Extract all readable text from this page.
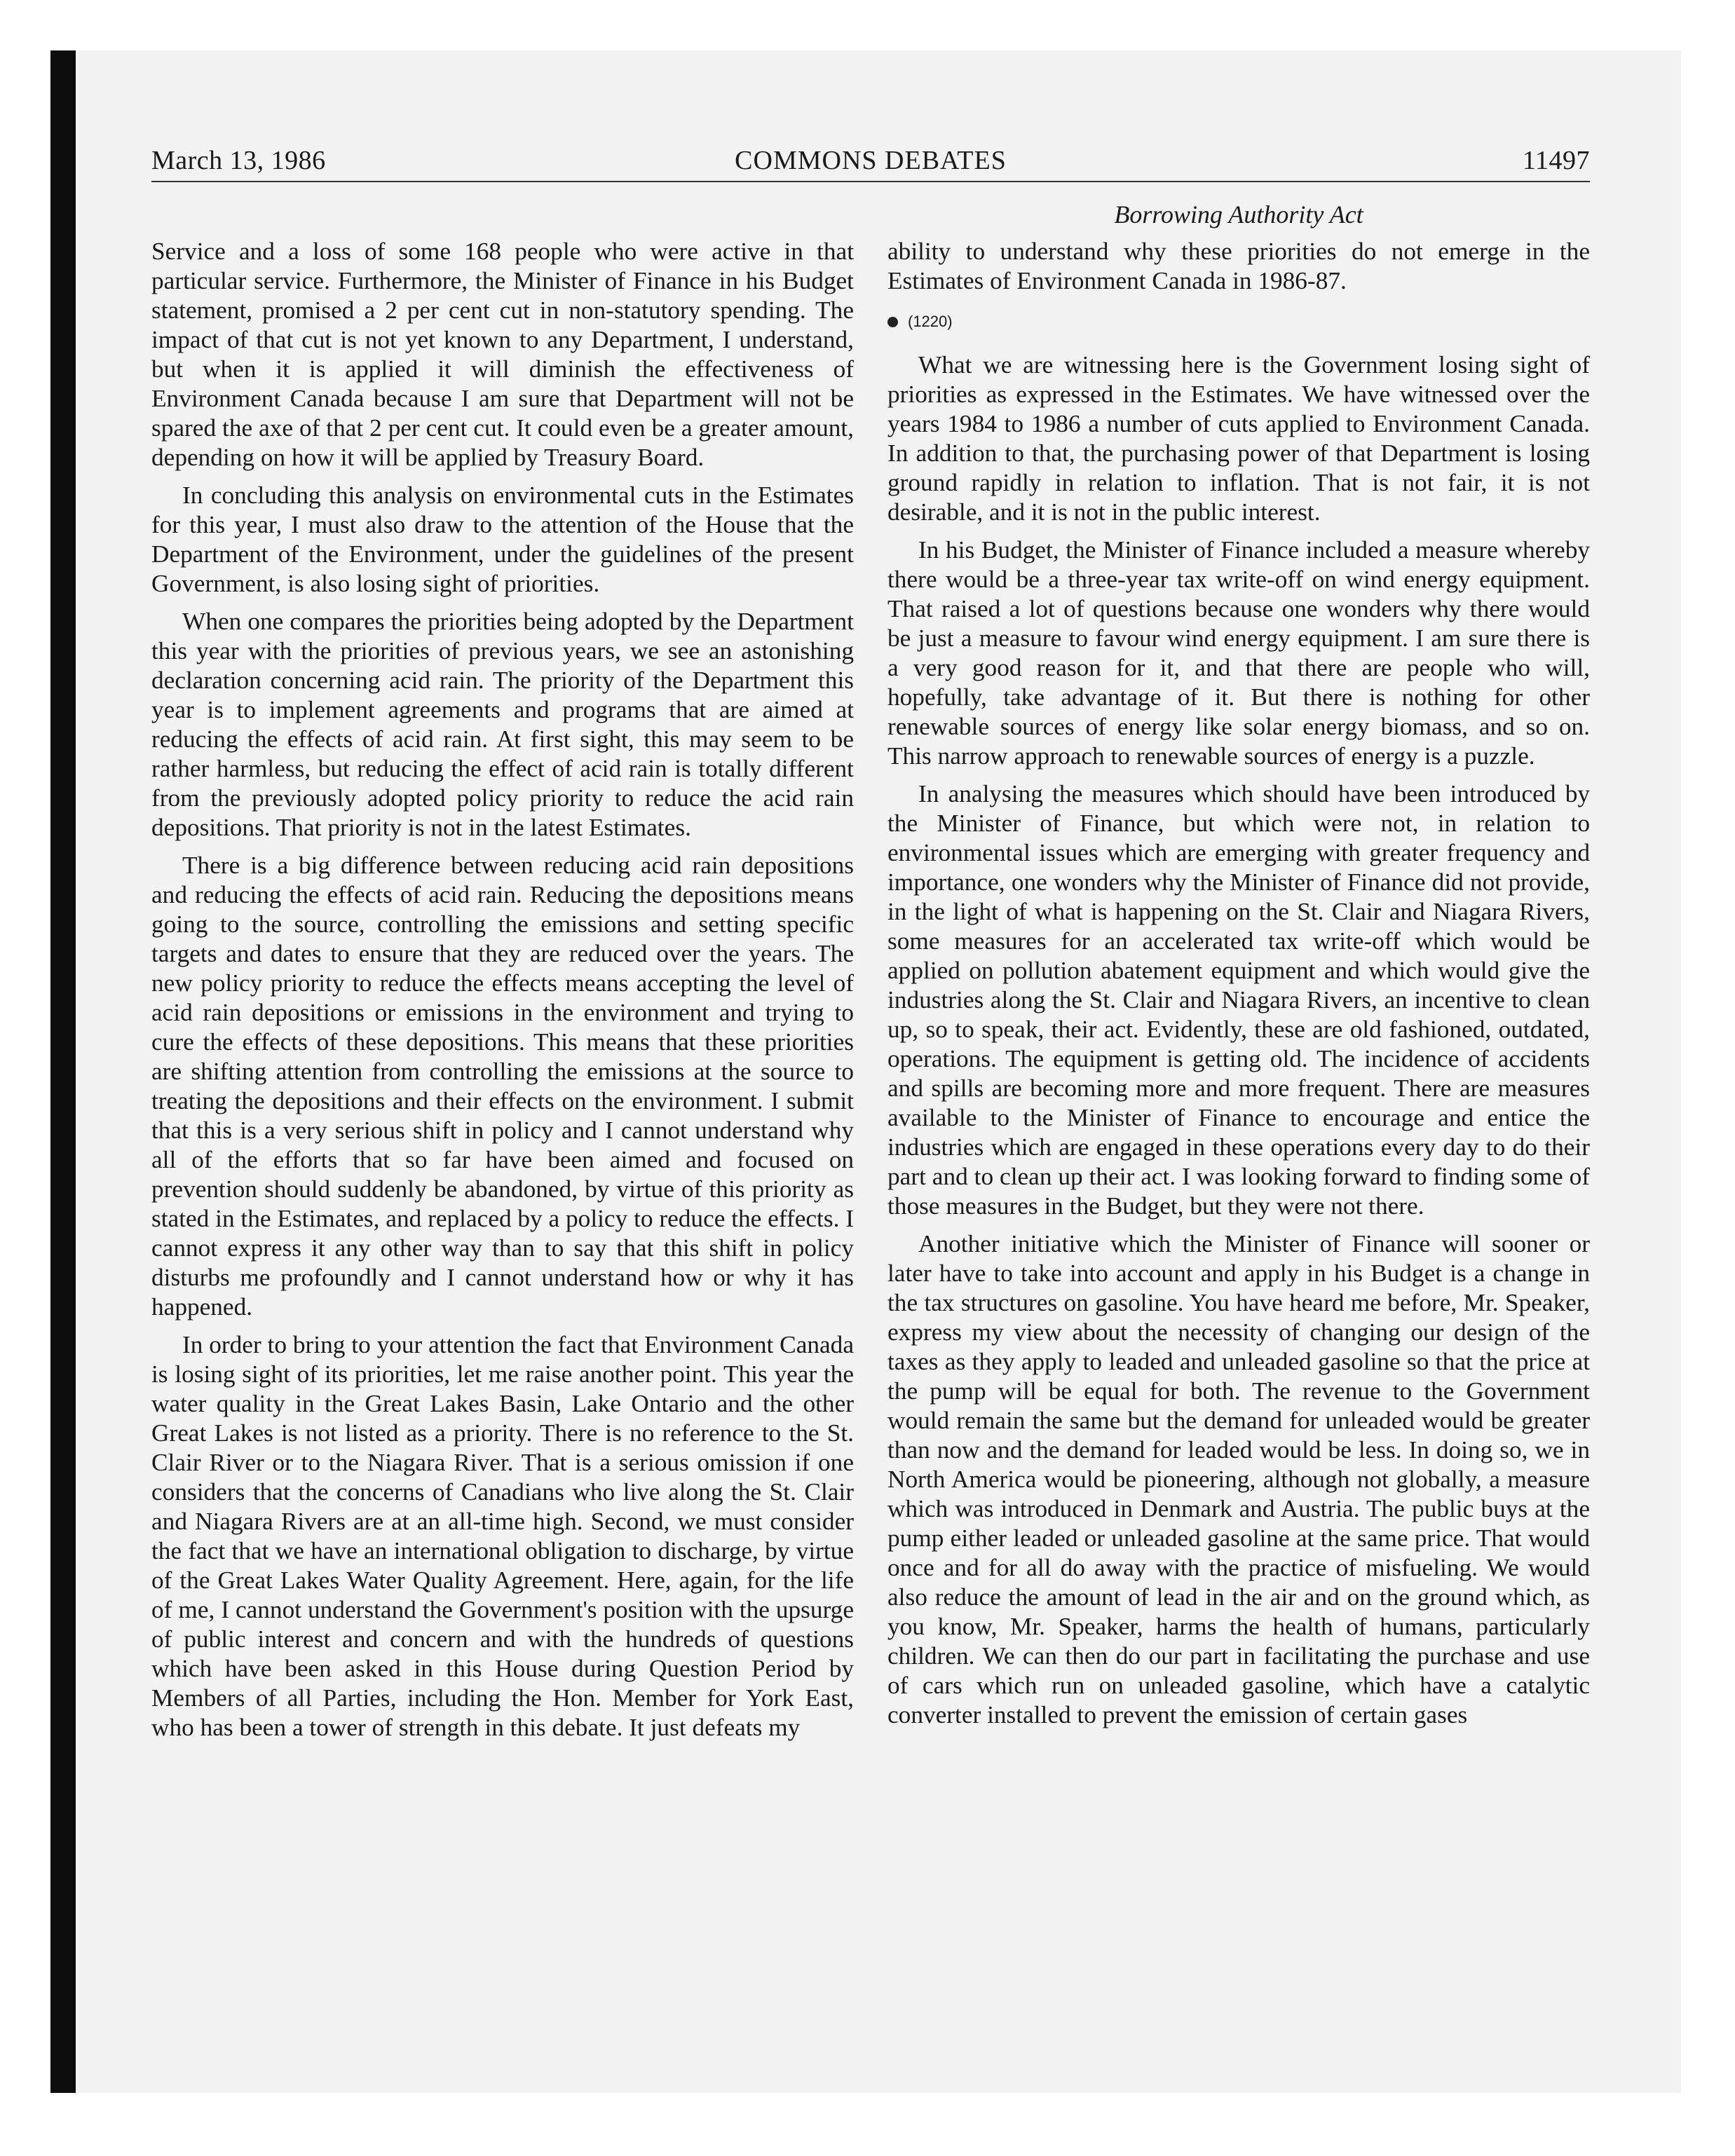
March 13, 1986	COMMONS DEBATES	11497
Borrowing Authority Act

Service and a loss of some 168 people who were active in that particular service. Furthermore, the Minister of Finance in his Budget statement, promised a 2 per cent cut in non-statutory spending. The impact of that cut is not yet known to any Department, I understand, but when it is applied it will diminish the effectiveness of Environment Canada because I am sure that Department will not be spared the axe of that 2 per cent cut. It could even be a greater amount, depending on how it will be applied by Treasury Board.

In concluding this analysis on environmental cuts in the Estimates for this year, I must also draw to the attention of the House that the Department of the Environment, under the guidelines of the present Government, is also losing sight of priorities.

When one compares the priorities being adopted by the Department this year with the priorities of previous years, we see an astonishing declaration concerning acid rain. The priority of the Department this year is to implement agreements and programs that are aimed at reducing the effects of acid rain. At first sight, this may seem to be rather harmless, but reducing the effect of acid rain is totally different from the previously adopted policy priority to reduce the acid rain depositions. That priority is not in the latest Estimates.

There is a big difference between reducing acid rain depositions and reducing the effects of acid rain. Reducing the depositions means going to the source, controlling the emissions and setting specific targets and dates to ensure that they are reduced over the years. The new policy priority to reduce the effects means accepting the level of acid rain depositions or emissions in the environment and trying to cure the effects of these depositions. This means that these priorities are shifting attention from controlling the emissions at the source to treating the depositions and their effects on the environment. I submit that this is a very serious shift in policy and I cannot understand why all of the efforts that so far have been aimed and focused on prevention should suddenly be abandoned, by virtue of this priority as stated in the Estimates, and replaced by a policy to reduce the effects. I cannot express it any other way than to say that this shift in policy disturbs me profoundly and I cannot understand how or why it has happened.

In order to bring to your attention the fact that Environment Canada is losing sight of its priorities, let me raise another point. This year the water quality in the Great Lakes Basin, Lake Ontario and the other Great Lakes is not listed as a priority. There is no reference to the St. Clair River or to the Niagara River. That is a serious omission if one considers that the concerns of Canadians who live along the St. Clair and Niagara Rivers are at an all-time high. Second, we must consider the fact that we have an international obligation to discharge, by virtue of the Great Lakes Water Quality Agreement. Here, again, for the life of me, I cannot understand the Government's position with the upsurge of public interest and concern and with the hundreds of questions which have been asked in this House during Question Period by Members of all Parties, including the Hon. Member for York East, who has been a tower of strength in this debate. It just defeats my

ability to understand why these priorities do not emerge in the Estimates of Environment Canada in 1986-87.

(1220)

What we are witnessing here is the Government losing sight of priorities as expressed in the Estimates. We have witnessed over the years 1984 to 1986 a number of cuts applied to Environment Canada. In addition to that, the purchasing power of that Department is losing ground rapidly in relation to inflation. That is not fair, it is not desirable, and it is not in the public interest.

In his Budget, the Minister of Finance included a measure whereby there would be a three-year tax write-off on wind energy equipment. That raised a lot of questions because one wonders why there would be just a measure to favour wind energy equipment. I am sure there is a very good reason for it, and that there are people who will, hopefully, take advantage of it. But there is nothing for other renewable sources of energy like solar energy biomass, and so on. This narrow approach to renewable sources of energy is a puzzle.

In analysing the measures which should have been introduced by the Minister of Finance, but which were not, in relation to environmental issues which are emerging with greater frequency and importance, one wonders why the Minister of Finance did not provide, in the light of what is happening on the St. Clair and Niagara Rivers, some measures for an accelerated tax write-off which would be applied on pollution abatement equipment and which would give the industries along the St. Clair and Niagara Rivers, an incentive to clean up, so to speak, their act. Evidently, these are old fashioned, outdated, operations. The equipment is getting old. The incidence of accidents and spills are becoming more and more frequent. There are measures available to the Minister of Finance to encourage and entice the industries which are engaged in these operations every day to do their part and to clean up their act. I was looking forward to finding some of those measures in the Budget, but they were not there.

Another initiative which the Minister of Finance will sooner or later have to take into account and apply in his Budget is a change in the tax structures on gasoline. You have heard me before, Mr. Speaker, express my view about the necessity of changing our design of the taxes as they apply to leaded and unleaded gasoline so that the price at the pump will be equal for both. The revenue to the Government would remain the same but the demand for unleaded would be greater than now and the demand for leaded would be less. In doing so, we in North America would be pioneering, although not globally, a measure which was introduced in Denmark and Austria. The public buys at the pump either leaded or unleaded gasoline at the same price. That would once and for all do away with the practice of misfueling. We would also reduce the amount of lead in the air and on the ground which, as you know, Mr. Speaker, harms the health of humans, particularly children. We can then do our part in facilitating the purchase and use of cars which run on unleaded gasoline, which have a catalytic converter installed to prevent the emission of certain gases
